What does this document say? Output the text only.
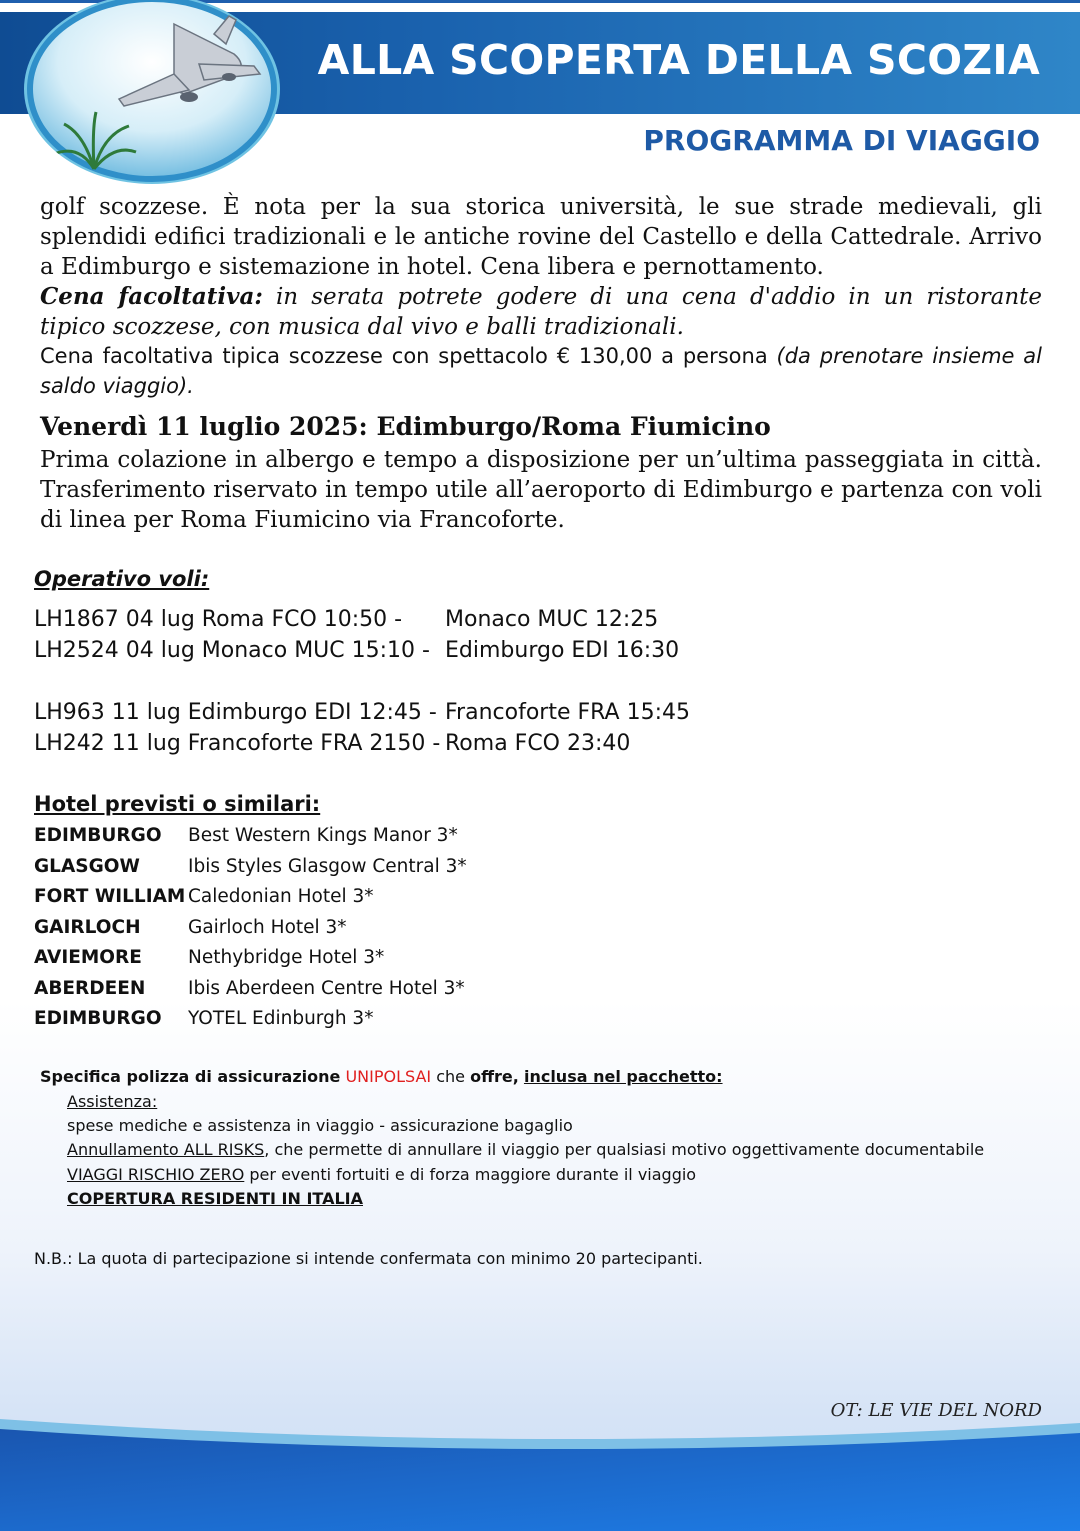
ALLA SCOPERTA DELLA SCOZIA
PROGRAMMA DI VIAGGIO

golf scozzese. È nota per la sua storica università, le sue strade medievali, gli splendidi edifici tradizionali e le antiche rovine del Castello e della Cattedrale. Arrivo a Edimburgo e sistemazione in hotel. Cena libera e pernottamento.
Cena facoltativa: in serata potrete godere di una cena d'addio in un ristorante tipico scozzese, con musica dal vivo e balli tradizionali.

Cena facoltativa tipica scozzese con spettacolo € 130,00 a persona (da prenotare insieme al saldo viaggio).

Venerdì 11 luglio 2025: Edimburgo/Roma Fiumicino

Prima colazione in albergo e tempo a disposizione per un’ultima passeggiata in città. Trasferimento riservato in tempo utile all’aeroporto di Edimburgo e partenza con voli di linea per Roma Fiumicino via Francoforte.

Operativo voli:
LH1867 04 lug Roma FCO 10:50 - Monaco MUC 12:25
LH2524 04 lug Monaco MUC 15:10 - Edimburgo EDI 16:30
LH963 11 lug Edimburgo EDI 12:45 - Francoforte FRA 15:45
LH242 11 lug Francoforte FRA 2150 - Roma FCO 23:40
Hotel previsti o similari:
EDIMBURGO Best Western Kings Manor 3*
GLASGOW	Ibis Styles Glasgow Central 3*
FORT WILLIAM Caledonian Hotel 3*
GAIRLOCH	Gairloch Hotel 3*
AVIEMORE Nethybridge Hotel 3*
ABERDEEN Ibis Aberdeen Centre Hotel 3*
EDIMBURGO YOTEL Edinburgh 3*

Specifica polizza di assicurazione UNIPOLSAI che offre, inclusa nel pacchetto:

Assistenza:

spese mediche e assistenza in viaggio - assicurazione bagaglio

Annullamento ALL RISKS, che permette di annullare il viaggio per qualsiasi motivo oggettivamente documentabile

VIAGGI RISCHIO ZERO per eventi fortuiti e di forza maggiore durante il viaggio

COPERTURA RESIDENTI IN ITALIA

N.B.: La quota di partecipazione si intende confermata con minimo 20 partecipanti.

OT: LE VIE DEL NORD
